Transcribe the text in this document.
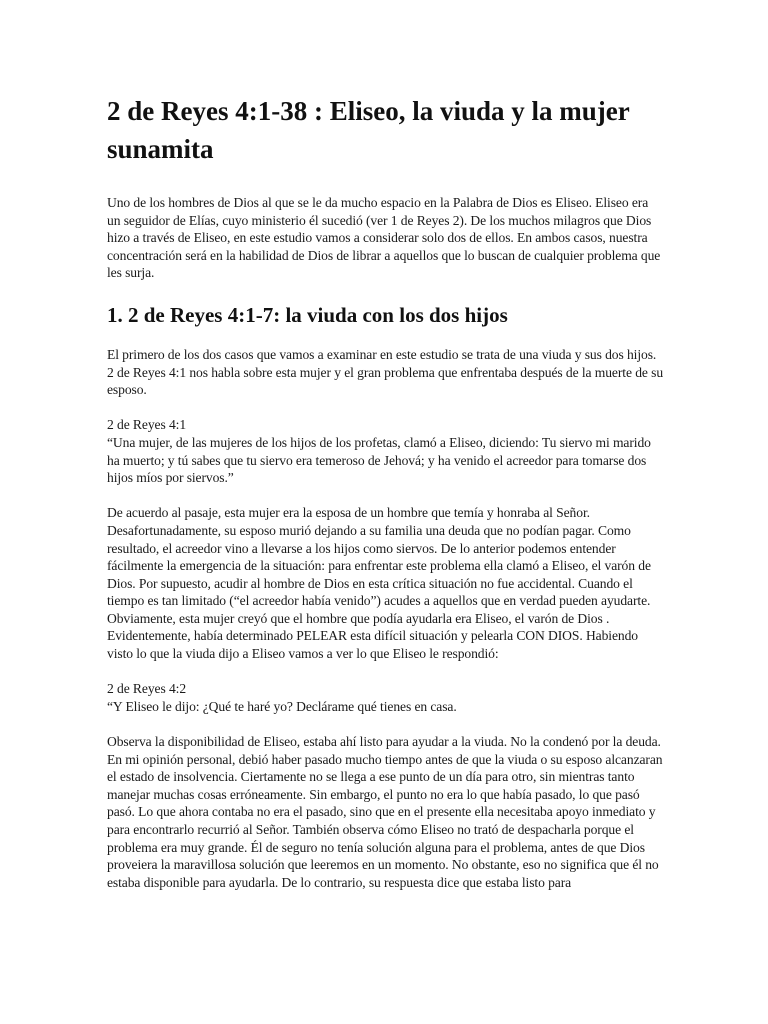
2 de Reyes 4:1-38 : Eliseo, la viuda y la mujer sunamita

Uno de los hombres de Dios al que se le da mucho espacio en la Palabra de Dios es Eliseo. Eliseo era un seguidor de Elías, cuyo ministerio él sucedió (ver 1 de Reyes 2). De los muchos milagros que Dios hizo a través de Eliseo, en este estudio vamos a considerar solo dos de ellos. En ambos casos, nuestra concentración será en la habilidad de Dios de librar a aquellos que lo buscan de cualquier problema que les surja.

1. 2 de Reyes 4:1-7: la viuda con los dos hijos

El primero de los dos casos que vamos a examinar en este estudio se trata de una viuda y sus dos hijos. 2 de Reyes 4:1 nos habla sobre esta mujer y el gran problema que enfrentaba después de la muerte de su esposo.

2 de Reyes 4:1

“Una mujer, de las mujeres de los hijos de los profetas, clamó a Eliseo, diciendo: Tu siervo mi marido ha muerto; y tú sabes que tu siervo era temeroso de Jehová; y ha venido el acreedor para tomarse dos hijos míos por siervos.”

De acuerdo al pasaje, esta mujer era la esposa de un hombre que temía y honraba al Señor. Desafortunadamente, su esposo murió dejando a su familia una deuda que no podían pagar. Como resultado, el acreedor vino a llevarse a los hijos como siervos. De lo anterior podemos entender fácilmente la emergencia de la situación: para enfrentar este problema ella clamó a Eliseo, el varón de Dios. Por supuesto, acudir al hombre de Dios en esta crítica situación no fue accidental. Cuando el tiempo es tan limitado (“el acreedor había venido”) acudes a aquellos que en verdad pueden ayudarte. Obviamente, esta mujer creyó que el hombre que podía ayudarla era Eliseo, el varón de Dios . Evidentemente, había determinado PELEAR esta difícil situación y pelearla CON DIOS. Habiendo visto lo que la viuda dijo a Eliseo vamos a ver lo que Eliseo le respondió:

2 de Reyes 4:2

“Y Eliseo le dijo: ¿Qué te haré yo? Declárame qué tienes en casa.

Observa la disponibilidad de Eliseo, estaba ahí listo para ayudar a la viuda. No la condenó por la deuda. En mi opinión personal, debió haber pasado mucho tiempo antes de que la viuda o su esposo alcanzaran el estado de insolvencia. Ciertamente no se llega a ese punto de un día para otro, sin mientras tanto manejar muchas cosas erróneamente. Sin embargo, el punto no era lo que había pasado, lo que pasó pasó. Lo que ahora contaba no era el pasado, sino que en el presente ella necesitaba apoyo inmediato y para encontrarlo recurrió al Señor. También observa cómo Eliseo no trató de despacharla porque el problema era muy grande. Él de seguro no tenía solución alguna para el problema, antes de que Dios proveiera la maravillosa solución que leeremos en un momento. No obstante, eso no significa que él no estaba disponible para ayudarla. De lo contrario, su respuesta dice que estaba listo para
